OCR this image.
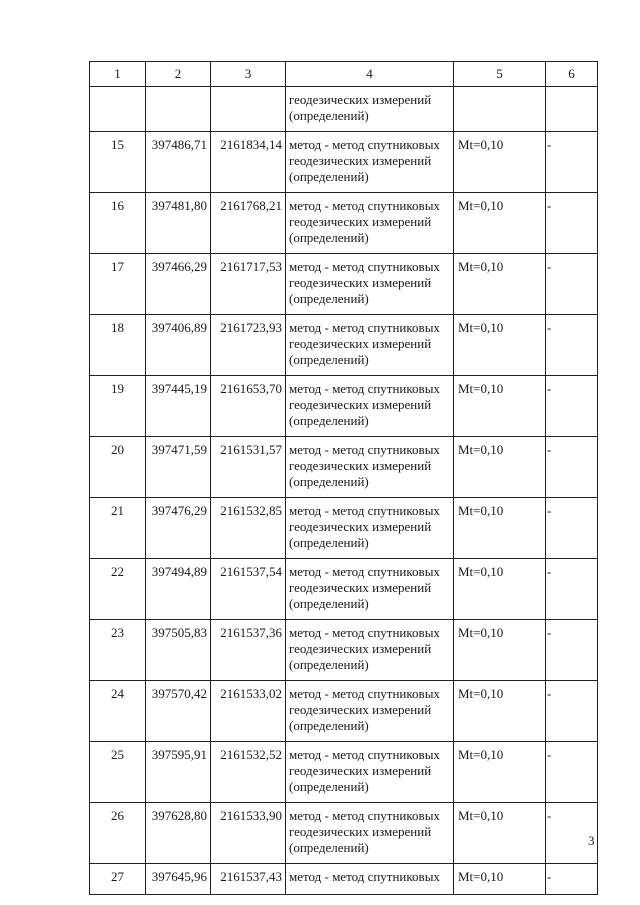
1	2	3	4	5	6
			геодезических измерений (определений)		
15	397486,71	2161834,14	метод - метод спутниковых геодезических измерений (определений)	Mt=0,10	-
16	397481,80	2161768,21	метод - метод спутниковых геодезических измерений (определений)	Mt=0,10	-
17	397466,29	2161717,53	метод - метод спутниковых геодезических измерений (определений)	Mt=0,10	-
18	397406,89	2161723,93	метод - метод спутниковых геодезических измерений (определений)	Mt=0,10	-
19	397445,19	2161653,70	метод - метод спутниковых геодезических измерений (определений)	Mt=0,10	-
20	397471,59	2161531,57	метод - метод спутниковых геодезических измерений (определений)	Mt=0,10	-
21	397476,29	2161532,85	метод - метод спутниковых геодезических измерений (определений)	Mt=0,10	-
22	397494,89	2161537,54	метод - метод спутниковых геодезических измерений (определений)	Mt=0,10	-
23	397505,83	2161537,36	метод - метод спутниковых геодезических измерений (определений)	Mt=0,10	-
24	397570,42	2161533,02	метод - метод спутниковых геодезических измерений (определений)	Mt=0,10	-
25	397595,91	2161532,52	метод - метод спутниковых геодезических измерений (определений)	Mt=0,10	-
26	397628,80	2161533,90	метод - метод спутниковых геодезических измерений (определений)	Mt=0,10	-
27	397645,96	2161537,43	метод - метод спутниковых	Mt=0,10	-
3
